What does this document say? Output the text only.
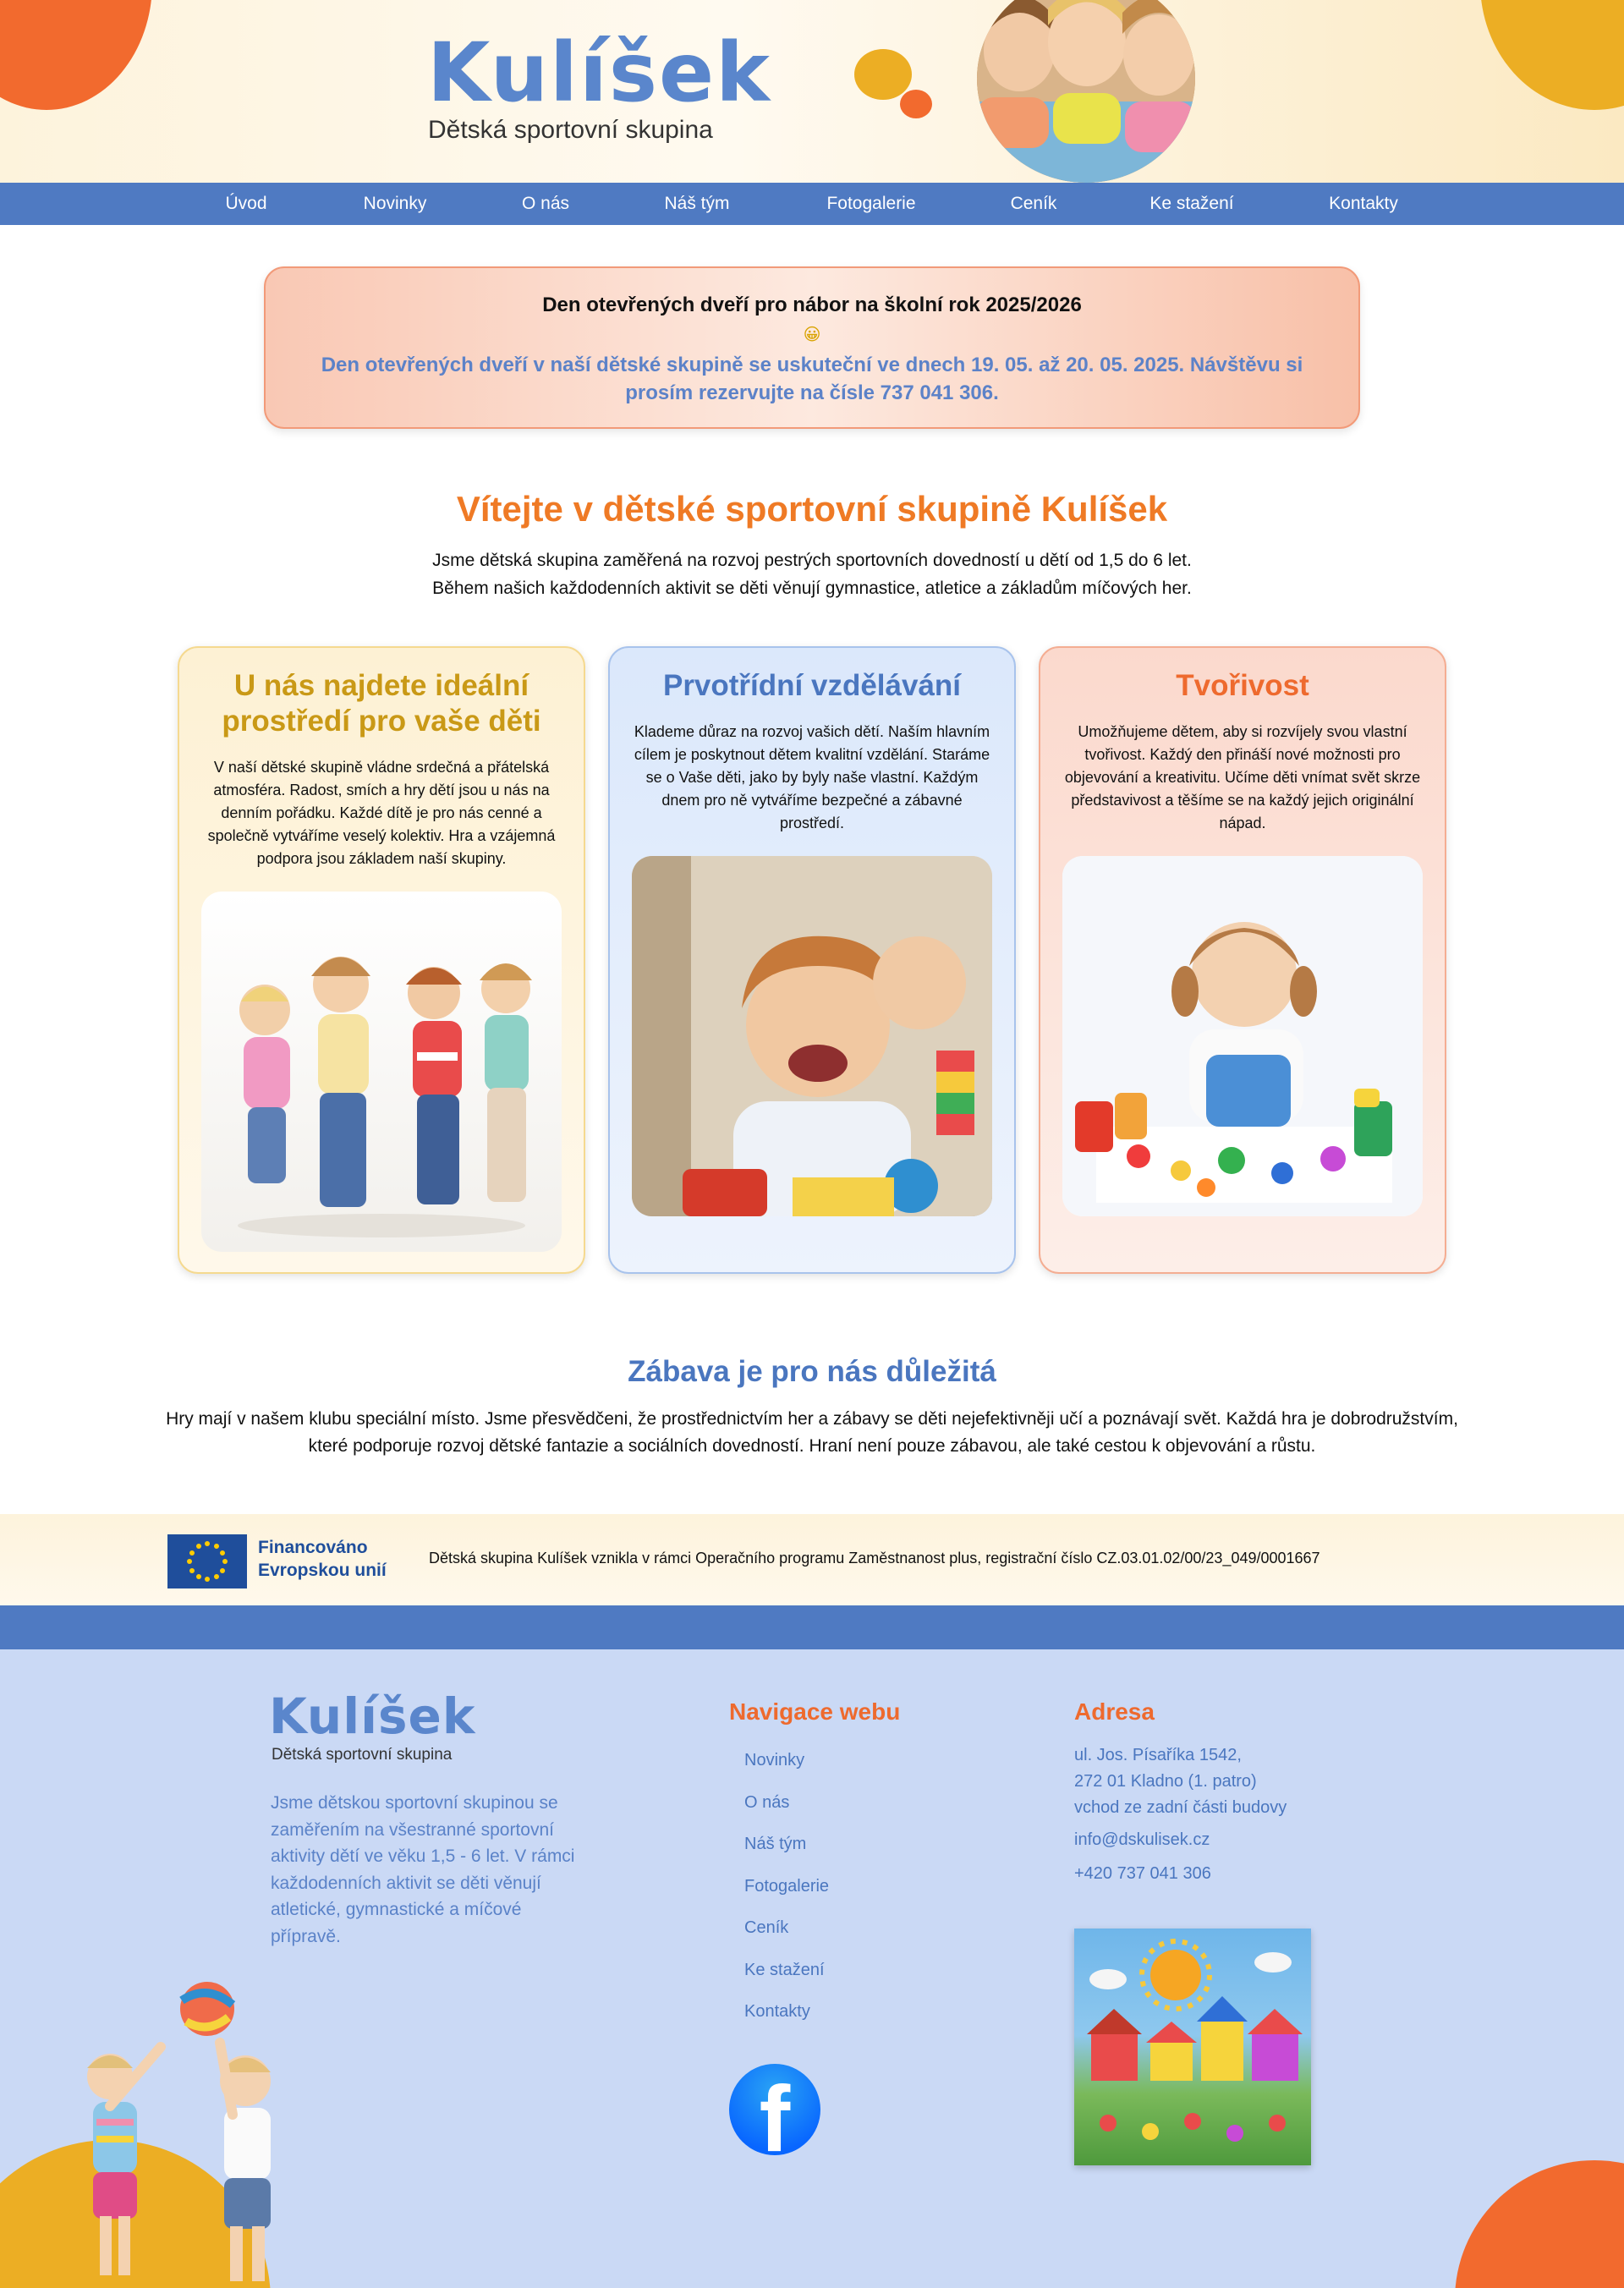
Kulíšek
Dětská sportovní skupina
Úvod	Novinky	O nás	Náš tým	Fotogalerie	Ceník	Ke stažení	Kontakty
Den otevřených dveří pro nábor na školní rok 2025/2026
😀
Den otevřených dveří v naší dětské skupině se uskuteční ve dnech 19. 05. až 20. 05. 2025. Návštěvu si prosím rezervujte na čísle 737 041 306.
Vítejte v dětské sportovní skupině Kulíšek
Jsme dětská skupina zaměřená na rozvoj pestrých sportovních dovedností u dětí od 1,5 do 6 let.
Během našich každodenních aktivit se děti věnují gymnastice, atletice a základům míčových her.
U nás najdete ideální prostředí pro vaše děti
V naší dětské skupině vládne srdečná a přátelská atmosféra. Radost, smích a hry dětí jsou u nás na denním pořádku. Každé dítě je pro nás cenné a společně vytváříme veselý kolektiv. Hra a vzájemná podpora jsou základem naší skupiny.
Prvotřídní vzdělávání
Klademe důraz na rozvoj vašich dětí. Naším hlavním cílem je poskytnout dětem kvalitní vzdělání. Staráme se o Vaše děti, jako by byly naše vlastní. Každým dnem pro ně vytváříme bezpečné a zábavné prostředí.
Tvořivost
Umožňujeme dětem, aby si rozvíjely svou vlastní tvořivost. Každý den přináší nové možnosti pro objevování a kreativitu. Učíme děti vnímat svět skrze představivost a těšíme se na každý jejich originální nápad.
Zábava je pro nás důležitá
Hry mají v našem klubu speciální místo. Jsme přesvědčeni, že prostřednictvím her a zábavy se děti nejefektivněji učí a poznávají svět. Každá hra je dobrodružstvím, které podporuje rozvoj dětské fantazie a sociálních dovedností. Hraní není pouze zábavou, ale také cestou k objevování a růstu.
Financováno
Evropskou unií
Dětská skupina Kulíšek vznikla v rámci Operačního programu Zaměstnanost plus, registrační číslo CZ.03.01.02/00/23_049/0001667
Kulíšek
Dětská sportovní skupina
Jsme dětskou sportovní skupinou se zaměřením na všestranné sportovní aktivity dětí ve věku 1,5 - 6 let. V rámci každodenních aktivit se děti věnují atletické, gymnastické a míčové přípravě.
Navigace webu
Novinky
O nás
Náš tým
Fotogalerie
Ceník
Ke stažení
Kontakty
f
Adresa
ul. Jos. Písaříka 1542,
272 01 Kladno (1. patro)
vchod ze zadní části budovy
info@dskulisek.cz
+420 737 041 306
